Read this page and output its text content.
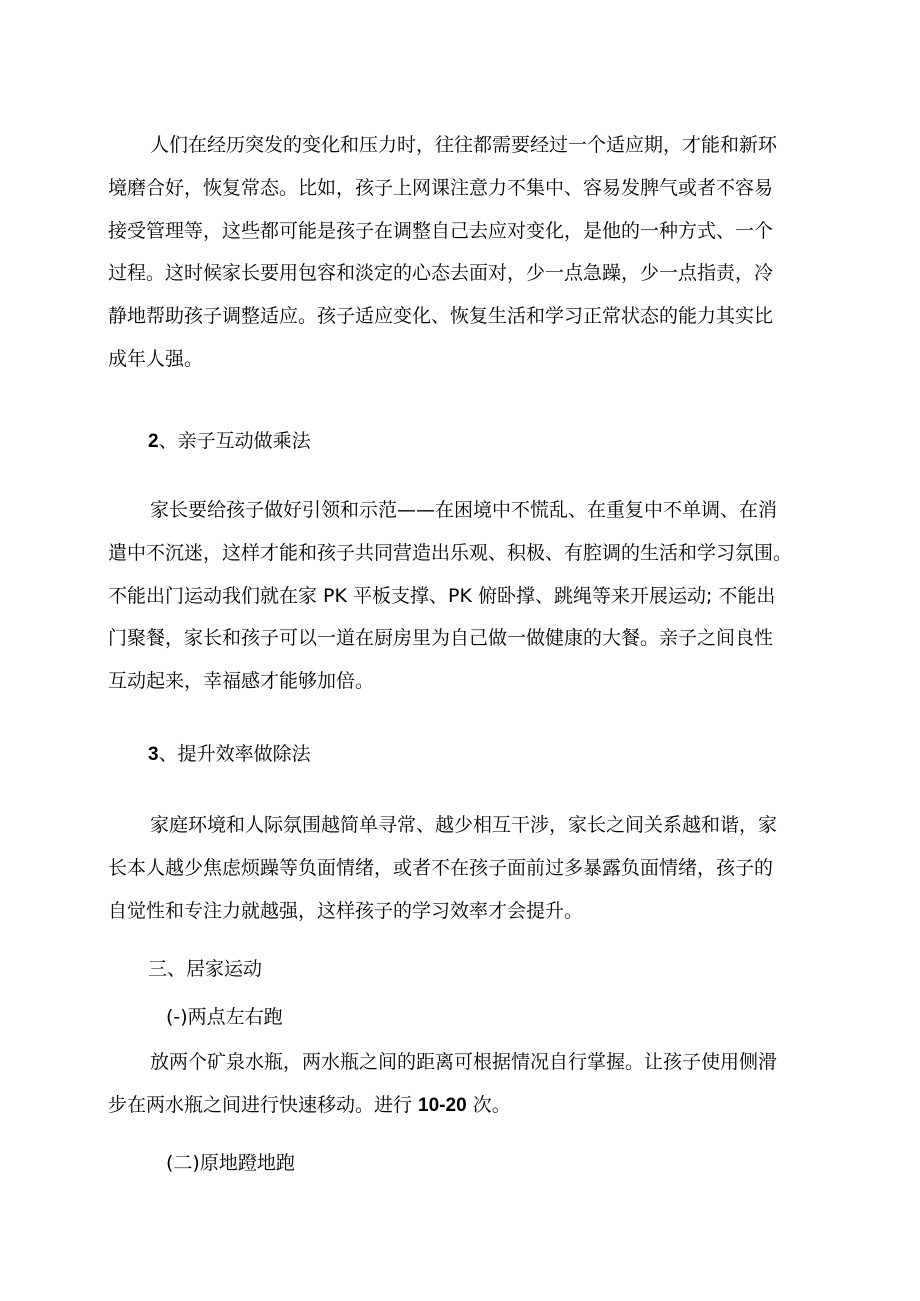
人们在经历突发的变化和压力时，往往都需要经过一个适应期，才能和新环
境磨合好，恢复常态。比如，孩子上网课注意力不集中、容易发脾气或者不容易
接受管理等，这些都可能是孩子在调整自己去应对变化，是他的一种方式、一个
过程。这时候家长要用包容和淡定的心态去面对，少一点急躁，少一点指责，冷
静地帮助孩子调整适应。孩子适应变化、恢复生活和学习正常状态的能力其实比
成年人强。
2、亲子互动做乘法
家长要给孩子做好引领和示范——在困境中不慌乱、在重复中不单调、在消
遣中不沉迷，这样才能和孩子共同营造出乐观、积极、有腔调的生活和学习氛围。
不能出门运动我们就在家 PK 平板支撑、PK 俯卧撑、跳绳等来开展运动; 不能出
门聚餐，家长和孩子可以一道在厨房里为自己做一做健康的大餐。亲子之间良性
互动起来，幸福感才能够加倍。
3、提升效率做除法
家庭环境和人际氛围越简单寻常、越少相互干涉，家长之间关系越和谐，家
长本人越少焦虑烦躁等负面情绪，或者不在孩子面前过多暴露负面情绪，孩子的
自觉性和专注力就越强，这样孩子的学习效率才会提升。
三、居家运动
(-)两点左右跑
放两个矿泉水瓶，两水瓶之间的距离可根据情况自行掌握。让孩子使用侧滑
步在两水瓶之间进行快速移动。进行 10-20 次。
(二)原地蹬地跑
